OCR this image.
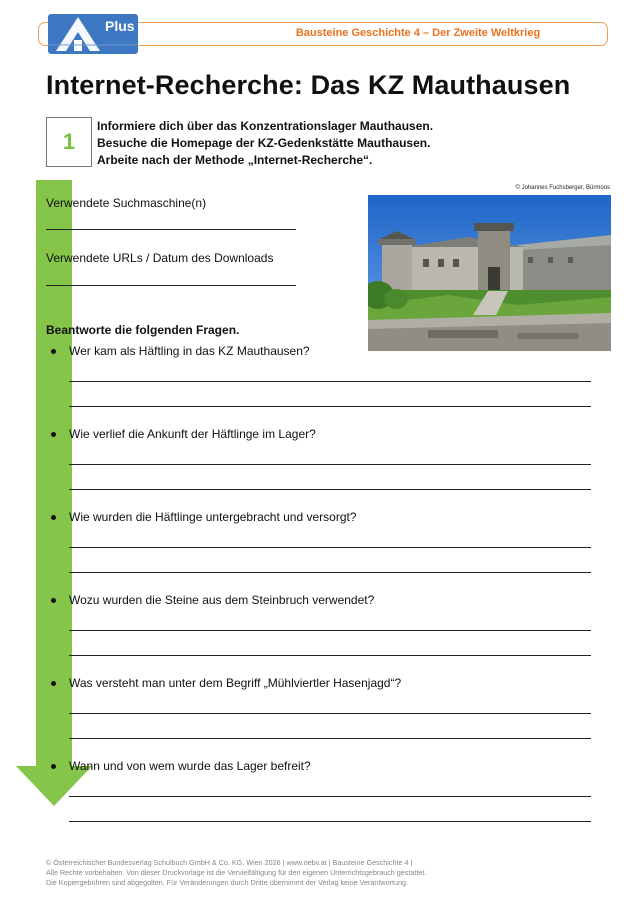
Bausteine Geschichte 4 – Der Zweite Weltkrieg
Plus
Internet-Recherche: Das KZ Mauthausen
1
Informiere dich über das Konzentrationslager Mauthausen.
Besuche die Homepage der KZ-Gedenkstätte Mauthausen.
Arbeite nach der Methode „Internet-Recherche“.
© Johannes Fuchsberger, Bürmoos
Verwendete Suchmaschine(n)
Verwendete URLs / Datum des Downloads
Beantworte die folgenden Fragen.
Wer kam als Häftling in das KZ Mauthausen?
Wie verlief die Ankunft der Häftlinge im Lager?
Wie wurden die Häftlinge untergebracht und versorgt?
Wozu wurden die Steine aus dem Steinbruch verwendet?
Was versteht man unter dem Begriff „Mühlviertler Hasenjagd“?
Wann und von wem wurde das Lager befreit?
© Österreichischer Bundesverlag Schulbuch GmbH & Co. KG, Wien 2026 | www.oebv.at | Bausteine Geschichte 4 |
Alle Rechte vorbehalten. Von dieser Druckvorlage ist die Vervielfältigung für den eigenen Unterrichtsgebrauch gestattet.
Die Kopiergebühren sind abgegolten. Für Veränderungen durch Dritte übernimmt der Verlag keine Verantwortung.
